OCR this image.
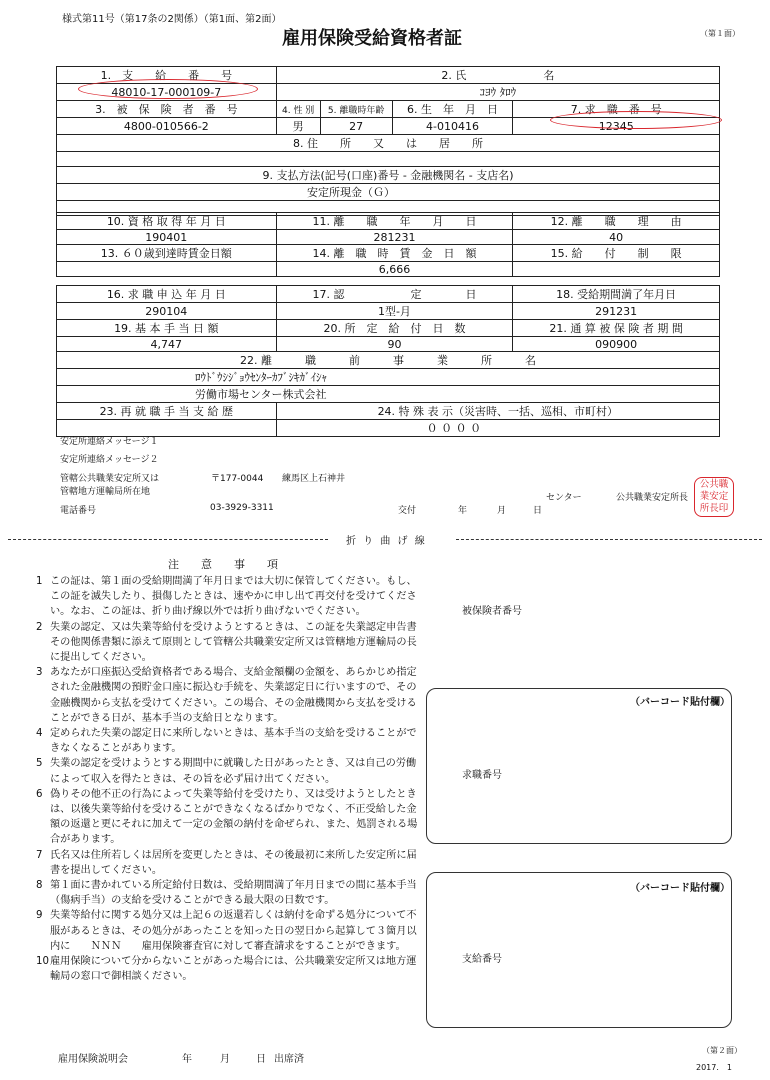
様式第11号（第17条の2関係）（第1面、第2面）
雇用保険受給資格者証	（第１面）
1.　支　　給　　番　　号	2. 氏　　　　　　　名			
48010-17-000109-7	ｺﾖｳ ﾀﾛｳ			
3.　被　保　険　者　番　号	4. 性 別	5. 離職時年齢	6. 生　年　月　日	7. 求　職　番　号
4800-010566-2	男	27	4-010416	12345
8. 住　　所　　又　　は　　居　　所				

9. 支払方法(記号(口座)番号 - 金融機関名 - 支店名)				
安定所現金（Ｇ）				

10. 資 格 取 得 年 月 日	11. 離　　職　　年　　月　　日	12. 離　　職　　理　　由
190401	281231	40
13. ６０歳到達時賃金日額	14. 離　職　時　賃　金　日　額	15. 給　　付　　制　　限
	6,666	
16. 求 職 申 込 年 月 日	17. 認　　　　　　定　　　　日	18. 受給期間満了年月日
290104	1型-月	291231
19. 基 本 手 当 日 額	20. 所　定　給　付　日　数	21. 通 算 被 保 険 者 期 間
4,747	90	090900
22. 離　　　職　　　前　　　事　　　業　　　所　　　名		
ﾛｳﾄﾞｳｼｼﾞｮｳｾﾝﾀｰｶﾌﾞｼｷｶﾞｲｼｬ		
労働市場センター株式会社		
23. 再 就 職 手 当 支 給 歴	24. 特 殊 表 示（災害時、一括、巡相、市町村）	
	０ ０ ０ ０	
安定所連絡メッセージ１
安定所連絡メッセージ２
管轄公共職業安定所又は
管轄地方運輸局所在地
〒177-0044 練馬区上石神井
センター	公共職業安定所長
公共職
業安定
所長印
電話番号	03-3929-3311	交付	年	月	日
折 り 曲 げ 線
注　　意　　事　　項
1 この証は、第１面の受給期間満了年月日までは大切に保管してください。もし、この証を滅失したり、損傷したときは、速やかに申し出て再交付を受けてください。なお、この証は、折り曲げ線以外では折り曲げないでください。
2 失業の認定、又は失業等給付を受けようとするときは、この証を失業認定申告書その他関係書類に添えて原則として管轄公共職業安定所又は管轄地方運輸局の長に提出してください。
3 あなたが口座振込受給資格者である場合、支給金額欄の金額を、あらかじめ指定された金融機関の預貯金口座に振込む手続を、失業認定日に行いますので、その金融機関から支払を受けてください。この場合、その金融機関から支払を受けることができる日が、基本手当の支給日となります。
4 定められた失業の認定日に来所しないときは、基本手当の支給を受けることができなくなることがあります。
5 失業の認定を受けようとする期間中に就職した日があったとき、又は自己の労働によって収入を得たときは、その旨を必ず届け出てください。
6 偽りその他不正の行為によって失業等給付を受けたり、又は受けようとしたときは、以後失業等給付を受けることができなくなるばかりでなく、不正受給した金額の返還と更にそれに加えて一定の金額の納付を命ぜられ、また、処罰される場合があります。
7 氏名又は住所若しくは居所を変更したときは、その後最初に来所した安定所に届書を提出してください。
8 第１面に書かれている所定給付日数は、受給期間満了年月日までの間に基本手当（傷病手当）の支給を受けることができる最大限の日数です。
9 失業等給付に関する処分又は上記６の返還若しくは納付を命ずる処分について不服があるときは、その処分があったことを知った日の翌日から起算して３箇月以内に　　ＮＮＮ　　雇用保険審査官に対して審査請求をすることができます。
10 雇用保険について分からないことがあった場合には、公共職業安定所又は地方運輸局の窓口で御相談ください。
被保険者番号
（バーコード貼付欄）
求職番号
（バーコード貼付欄）
支給番号
雇用保険説明会	年	月	日 出席済
（第２面）
2017.　1
